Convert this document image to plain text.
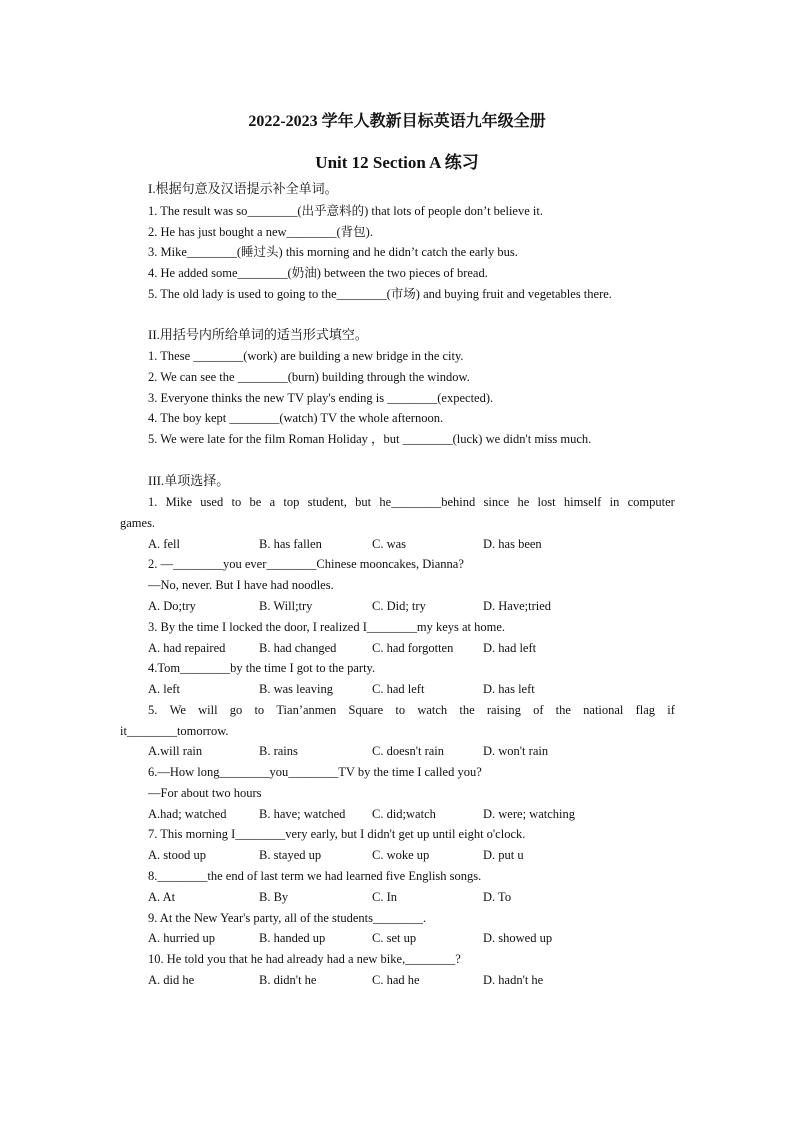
2022-2023 学年人教新目标英语九年级全册
Unit 12 Section A 练习
I.根据句意及汉语提示补全单词。
1. The result was so________(出乎意料的) that lots of people don’t believe it.
2. He has just bought a new________(背包).
3. Mike________(睡过头) this morning and he didn’t catch the early bus.
4. He added some________(奶油) between the two pieces of bread.
5. The old lady is used to going to the________(市场) and buying fruit and vegetables there.
II.用括号内所给单词的适当形式填空。
1. These ________(work) are building a new bridge in the city.
2. We can see the ________(burn) building through the window.
3. Everyone thinks the new TV play's ending is ________(expected).
4. The boy kept ________(watch) TV the whole afternoon.
5. We were late for the film Roman Holiday ，but ________(luck) we didn't miss much.
III.单项选择。
1. Mike used to be a top student, but he________behind since he lost himself in computer
games.
A. fell	B. has fallen	C. was	D. has been
2. —________you ever________Chinese mooncakes, Dianna?
—No, never. But I have had noodles.
A. Do;try	B. Will;try	C. Did; try	D. Have;tried
3. By the time I locked the door, I realized I________my keys at home.
A. had repaired	B. had changed	C. had forgotten D. had left
4.Tom________by the time I got to the party.
A. left	B. was leaving	C. had left	D. has left
5. We will go to Tian’anmen Square to watch the raising of the national flag if
it________tomorrow.
A.will rain	B. rains	C. doesn't rain	D. won't rain
6.—How long________you________TV by the time I called you?
—For about two hours
A.had; watched	B. have; watched C. did;watch	D. were; watching
7. This morning I________very early, but I didn't get up until eight o'clock.
A. stood up	B. stayed up	C. woke up	D. put u
8.________the end of last term we had learned five English songs.
A. At	B. By	C. In	D. To
9. At the New Year's party, all of the students________.
A. hurried up	B. handed up	C. set up	D. showed up
10. He told you that he had already had a new bike,________?
A. did he	B. didn't he	C. had he	D. hadn't he
